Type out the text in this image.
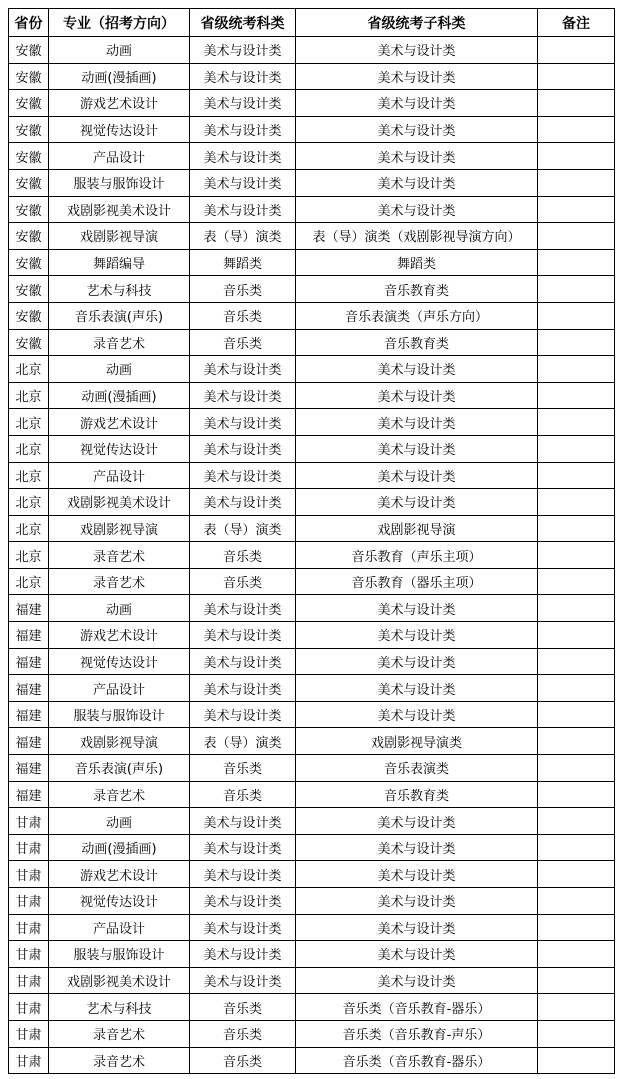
省份	专业（招考方向）	省级统考科类	省级统考子科类	备注
安徽	动画	美术与设计类	美术与设计类	
安徽	动画(漫插画)	美术与设计类	美术与设计类	
安徽	游戏艺术设计	美术与设计类	美术与设计类	
安徽	视觉传达设计	美术与设计类	美术与设计类	
安徽	产品设计	美术与设计类	美术与设计类	
安徽	服装与服饰设计	美术与设计类	美术与设计类	
安徽	戏剧影视美术设计	美术与设计类	美术与设计类	
安徽	戏剧影视导演	表（导）演类	表（导）演类（戏剧影视导演方向）	
安徽	舞蹈编导	舞蹈类	舞蹈类	
安徽	艺术与科技	音乐类	音乐教育类	
安徽	音乐表演(声乐)	音乐类	音乐表演类（声乐方向）	
安徽	录音艺术	音乐类	音乐教育类	
北京	动画	美术与设计类	美术与设计类	
北京	动画(漫插画)	美术与设计类	美术与设计类	
北京	游戏艺术设计	美术与设计类	美术与设计类	
北京	视觉传达设计	美术与设计类	美术与设计类	
北京	产品设计	美术与设计类	美术与设计类	
北京	戏剧影视美术设计	美术与设计类	美术与设计类	
北京	戏剧影视导演	表（导）演类	戏剧影视导演	
北京	录音艺术	音乐类	音乐教育（声乐主项）	
北京	录音艺术	音乐类	音乐教育（器乐主项）	
福建	动画	美术与设计类	美术与设计类	
福建	游戏艺术设计	美术与设计类	美术与设计类	
福建	视觉传达设计	美术与设计类	美术与设计类	
福建	产品设计	美术与设计类	美术与设计类	
福建	服装与服饰设计	美术与设计类	美术与设计类	
福建	戏剧影视导演	表（导）演类	戏剧影视导演类	
福建	音乐表演(声乐)	音乐类	音乐表演类	
福建	录音艺术	音乐类	音乐教育类	
甘肃	动画	美术与设计类	美术与设计类	
甘肃	动画(漫插画)	美术与设计类	美术与设计类	
甘肃	游戏艺术设计	美术与设计类	美术与设计类	
甘肃	视觉传达设计	美术与设计类	美术与设计类	
甘肃	产品设计	美术与设计类	美术与设计类	
甘肃	服装与服饰设计	美术与设计类	美术与设计类	
甘肃	戏剧影视美术设计	美术与设计类	美术与设计类	
甘肃	艺术与科技	音乐类	音乐类（音乐教育-器乐）	
甘肃	录音艺术	音乐类	音乐类（音乐教育-声乐）	
甘肃	录音艺术	音乐类	音乐类（音乐教育-器乐）	
